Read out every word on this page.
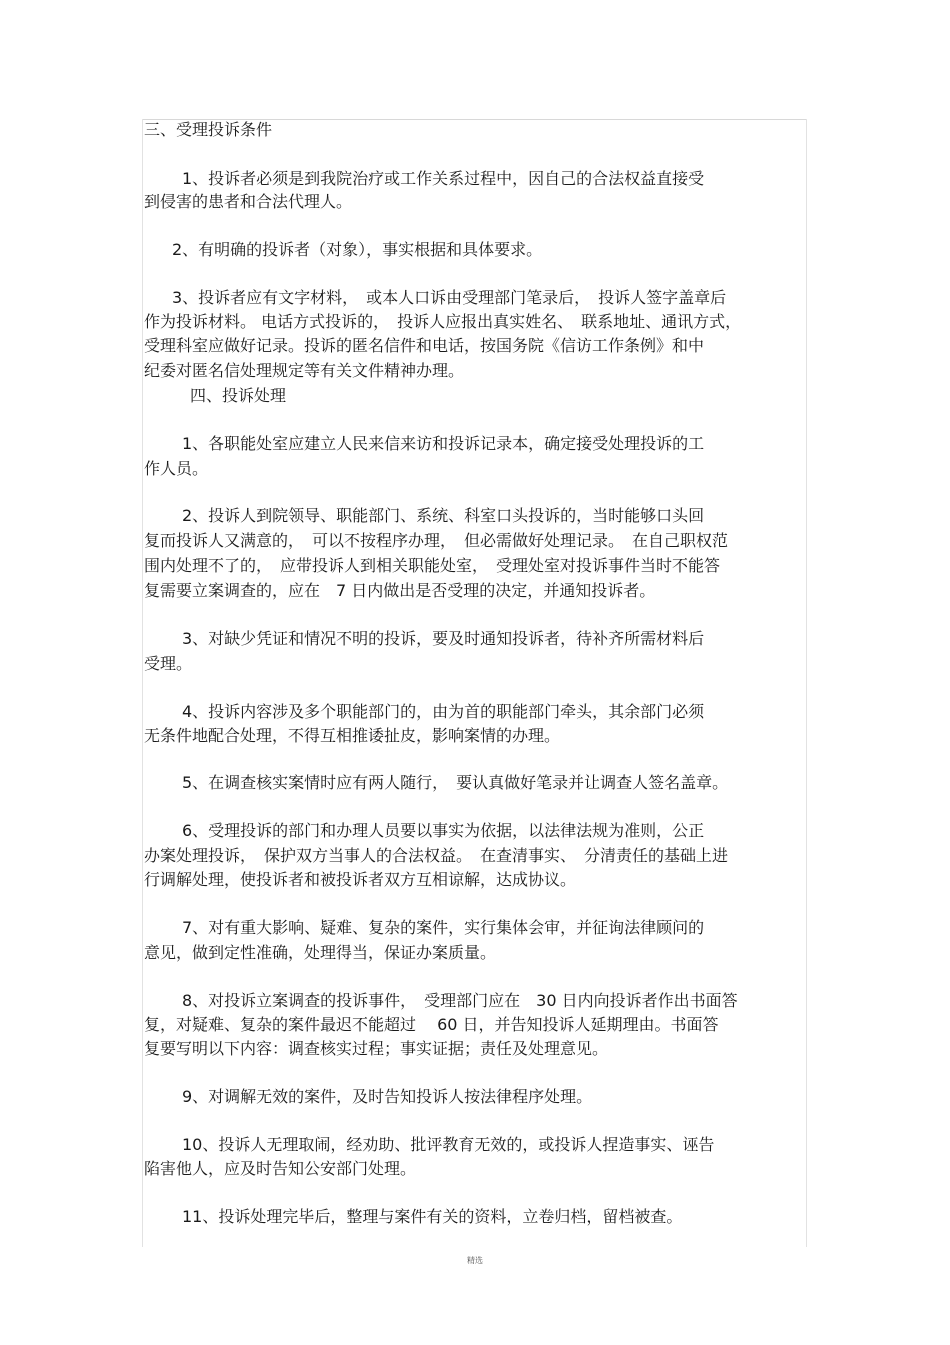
三、受理投诉条件
1、投诉者必须是到我院治疗或工作关系过程中，因自己的合法权益直接受
到侵害的患者和合法代理人。
2、有明确的投诉者（对象），事实根据和具体要求。
3、投诉者应有文字材料，　或本人口诉由受理部门笔录后，　投诉人签字盖章后
作为投诉材料。 电话方式投诉的，　投诉人应报出真实姓名、　联系地址、通讯方式，
受理科室应做好记录。投诉的匿名信件和电话，按国务院《信访工作条例》和中
纪委对匿名信处理规定等有关文件精神办理。
四、投诉处理
1、各职能处室应建立人民来信来访和投诉记录本，确定接受处理投诉的工
作人员。
2、投诉人到院领导、职能部门、系统、科室口头投诉的，当时能够口头回
复而投诉人又满意的，　可以不按程序办理，　但必需做好处理记录。　在自己职权范
围内处理不了的，　应带投诉人到相关职能处室，　受理处室对投诉事件当时不能答
复需要立案调查的，应在　7 日内做出是否受理的决定，并通知投诉者。
3、对缺少凭证和情况不明的投诉，要及时通知投诉者，待补齐所需材料后
受理。
4、投诉内容涉及多个职能部门的，由为首的职能部门牵头，其余部门必须
无条件地配合处理，不得互相推诿扯皮，影响案情的办理。
5、在调查核实案情时应有两人随行，　要认真做好笔录并让调查人签名盖章。
6、受理投诉的部门和办理人员要以事实为依据，以法律法规为准则，公正
办案处理投诉，　保护双方当事人的合法权益。　在查清事实、　分清责任的基础上进
行调解处理，使投诉者和被投诉者双方互相谅解，达成协议。
7、对有重大影响、疑难、复杂的案件，实行集体会审，并征询法律顾问的
意见，做到定性准确，处理得当，保证办案质量。
8、对投诉立案调查的投诉事件，　受理部门应在　30 日内向投诉者作出书面答
复，对疑难、复杂的案件最迟不能超过　 60 日，并告知投诉人延期理由。书面答
复要写明以下内容：调查核实过程；事实证据；责任及处理意见。
9、对调解无效的案件，及时告知投诉人按法律程序处理。
10、投诉人无理取闹，经劝助、批评教育无效的，或投诉人捏造事实、诬告
陷害他人，应及时告知公安部门处理。
11、投诉处理完毕后，整理与案件有关的资料，立卷归档，留档被查。
精选
